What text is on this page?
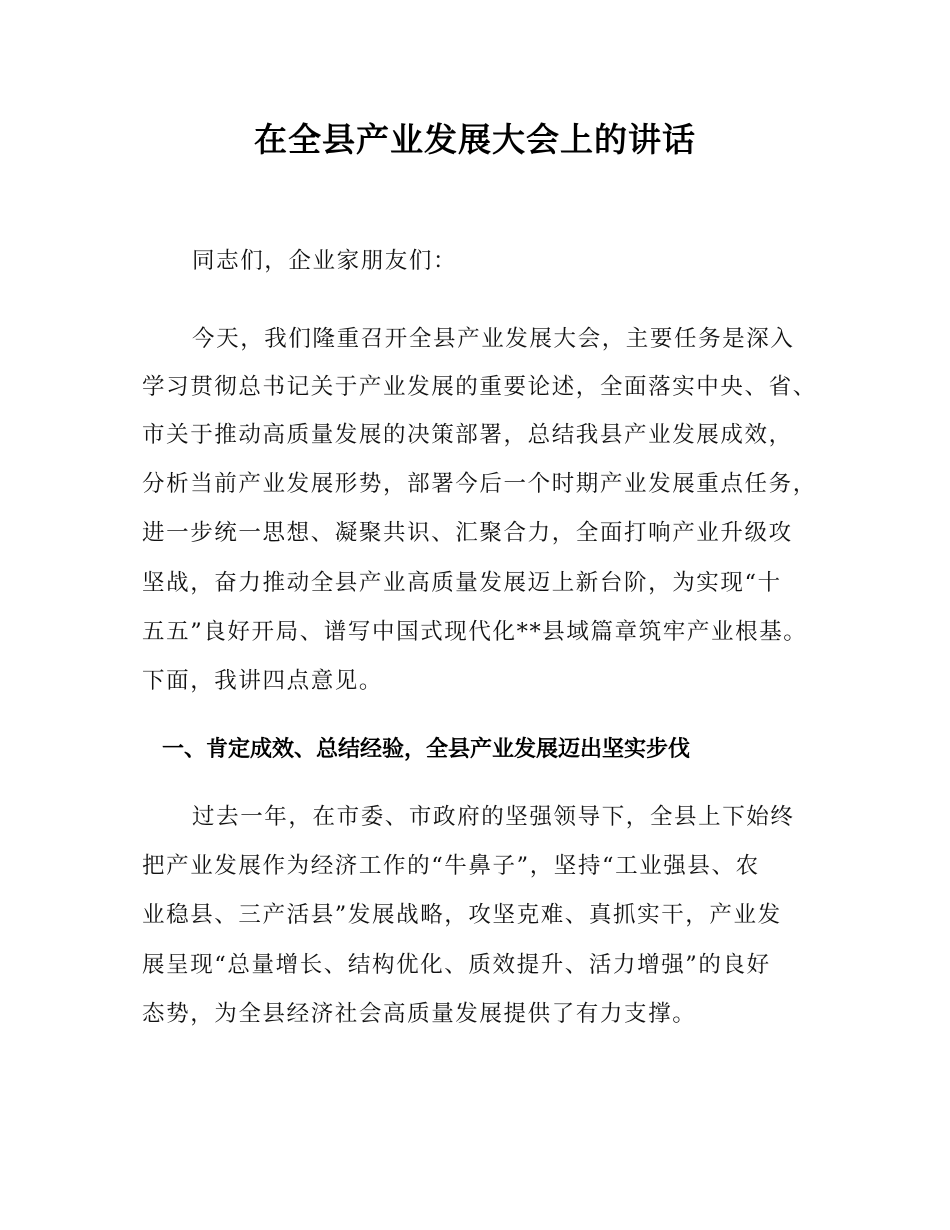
在全县产业发展大会上的讲话
同志们，企业家朋友们：
今天，我们隆重召开全县产业发展大会，主要任务是深入
学习贯彻总书记关于产业发展的重要论述，全面落实中央、省、
市关于推动高质量发展的决策部署，总结我县产业发展成效，
分析当前产业发展形势，部署今后一个时期产业发展重点任务，
进一步统一思想、凝聚共识、汇聚合力，全面打响产业升级攻
坚战，奋力推动全县产业高质量发展迈上新台阶，为实现“十
五五”良好开局、谱写中国式现代化**县域篇章筑牢产业根基。
下面，我讲四点意见。
一、肯定成效、总结经验，全县产业发展迈出坚实步伐
过去一年，在市委、市政府的坚强领导下，全县上下始终
把产业发展作为经济工作的“牛鼻子”，坚持“工业强县、农
业稳县、三产活县”发展战略，攻坚克难、真抓实干，产业发
展呈现“总量增长、结构优化、质效提升、活力增强”的良好
态势，为全县经济社会高质量发展提供了有力支撑。
